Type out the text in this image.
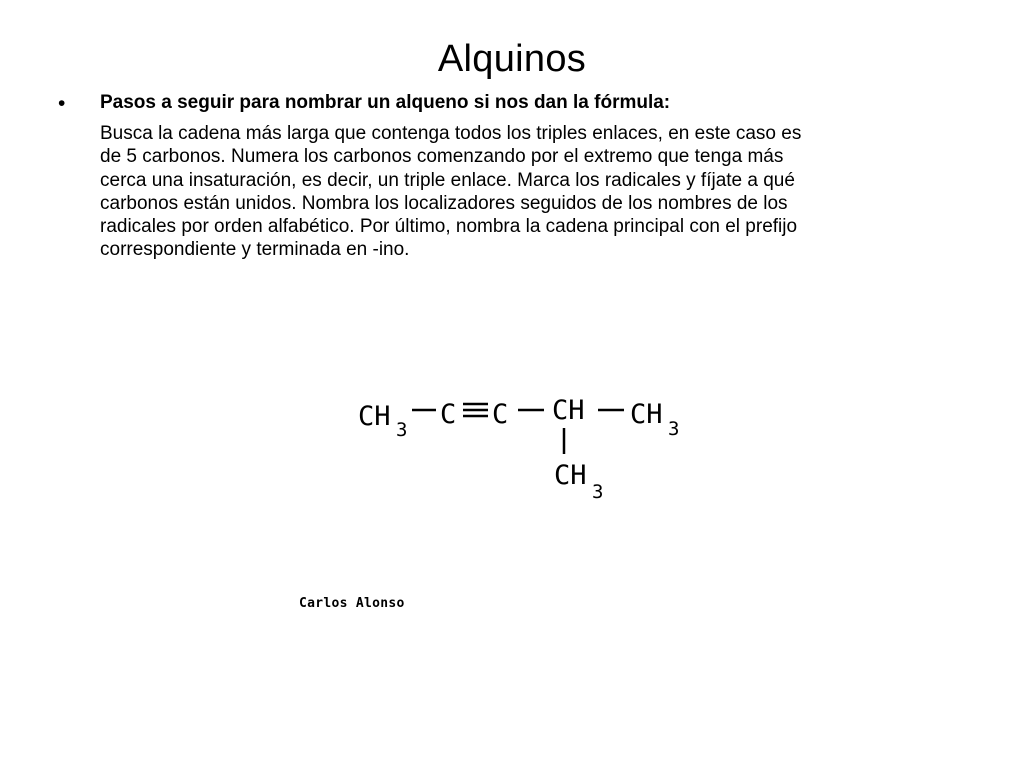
Alquinos
• Pasos a seguir para nombrar un alqueno si nos dan la fórmula:
Busca la cadena más larga que contenga todos los triples enlaces, en este caso es
de 5 carbonos. Numera los carbonos comenzando por el extremo que tenga más
cerca una insaturación, es decir, un triple enlace. Marca los radicales y fíjate a qué
carbonos están unidos. Nombra los localizadores seguidos de los nombres de los
radicales por orden alfabético. Por último, nombra la cadena principal con el prefijo
correspondiente y terminada en -ino.
CH 3 C C CH CH 3
CH
3
Carlos Alonso
